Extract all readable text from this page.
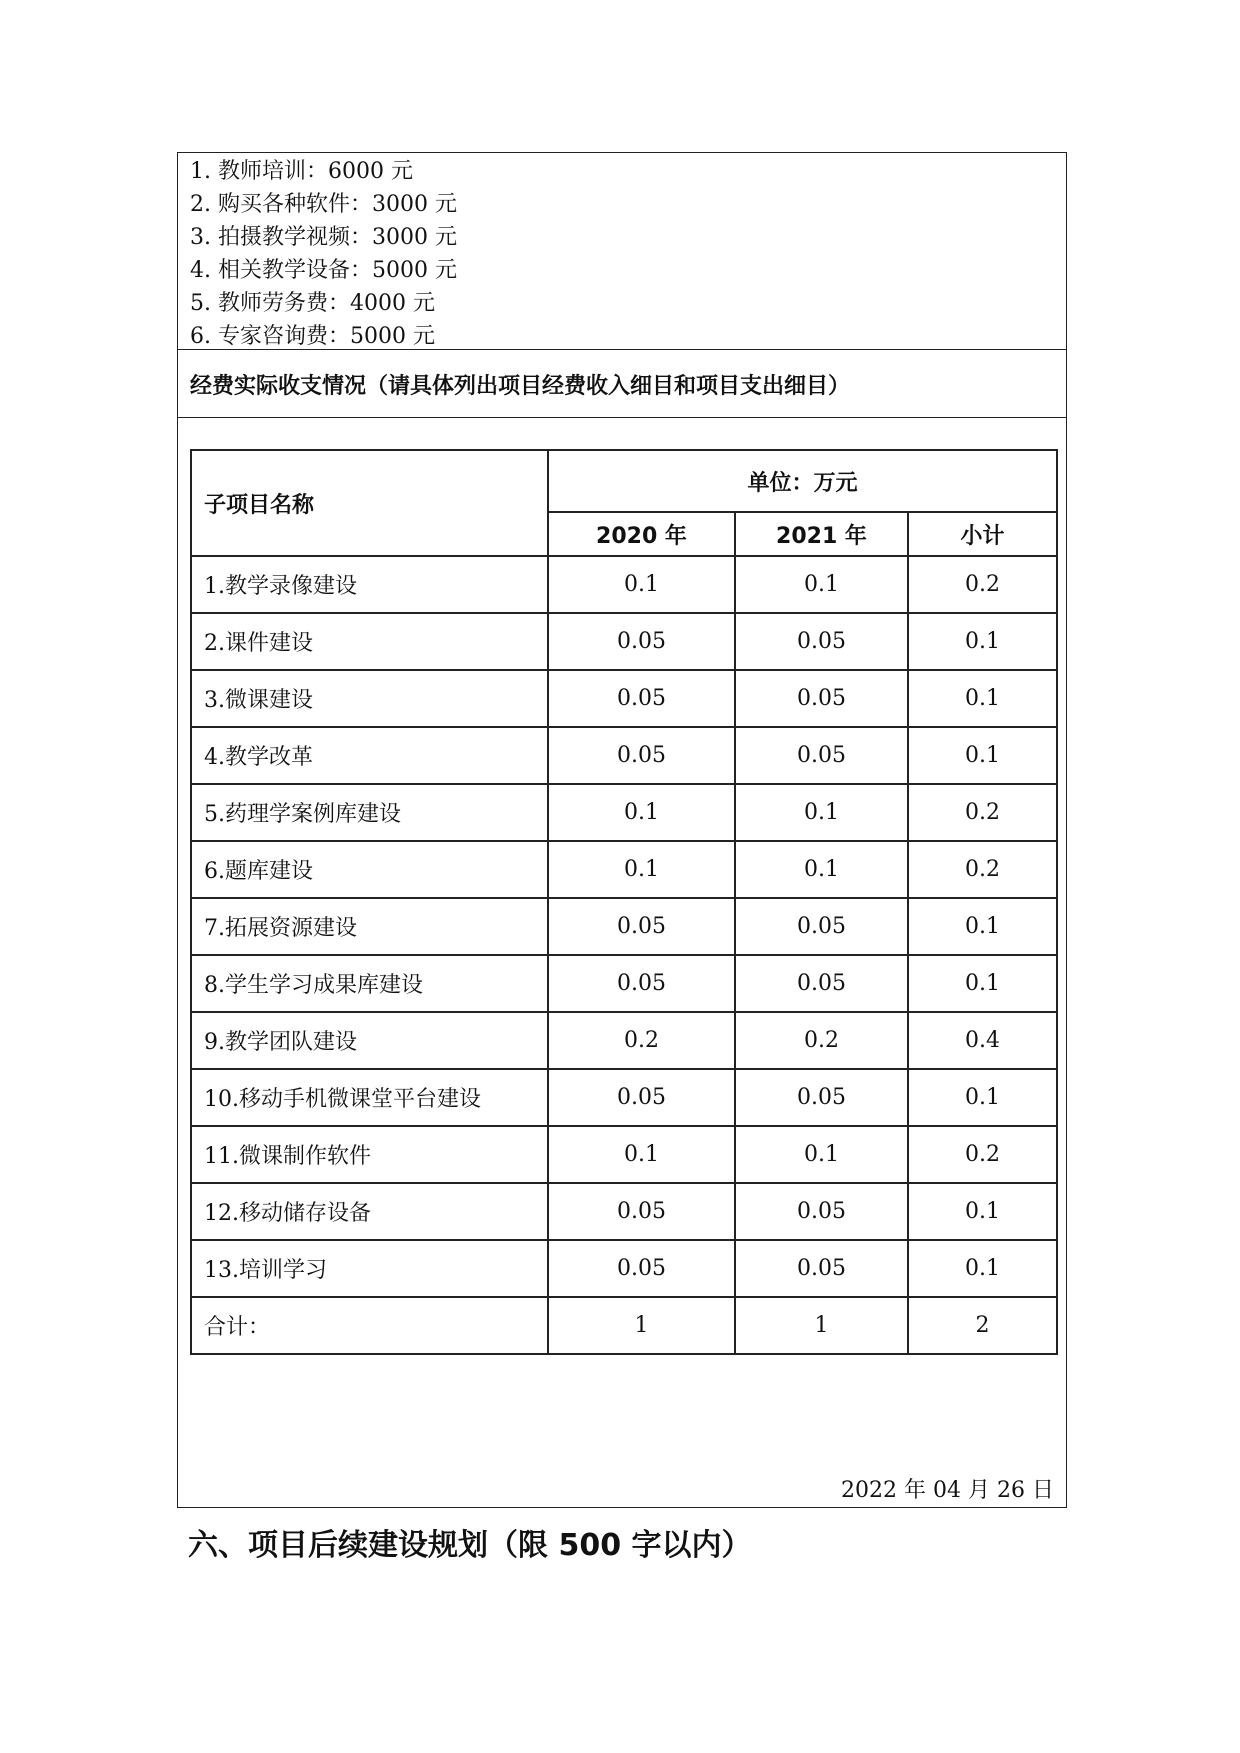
1. 教师培训：6000 元
2. 购买各种软件：3000 元
3. 拍摄教学视频：3000 元
4. 相关教学设备：5000 元
5. 教师劳务费：4000 元
6. 专家咨询费：5000 元
经费实际收支情况（请具体列出项目经费收入细目和项目支出细目）
子项目名称	单位：万元		
	2020 年	2021 年	小计
1.教学录像建设	0.1	0.1	0.2
2.课件建设	0.05	0.05	0.1
3.微课建设	0.05	0.05	0.1
4.教学改革	0.05	0.05	0.1
5.药理学案例库建设	0.1	0.1	0.2
6.题库建设	0.1	0.1	0.2
7.拓展资源建设	0.05	0.05	0.1
8.学生学习成果库建设	0.05	0.05	0.1
9.教学团队建设	0.2	0.2	0.4
10.移动手机微课堂平台建设	0.05	0.05	0.1
11.微课制作软件	0.1	0.1	0.2
12.移动储存设备	0.05	0.05	0.1
13.培训学习	0.05	0.05	0.1
合计：	1	1	2
2022 年 04 月 26 日
六、项目后续建设规划（限 500 字以内）
